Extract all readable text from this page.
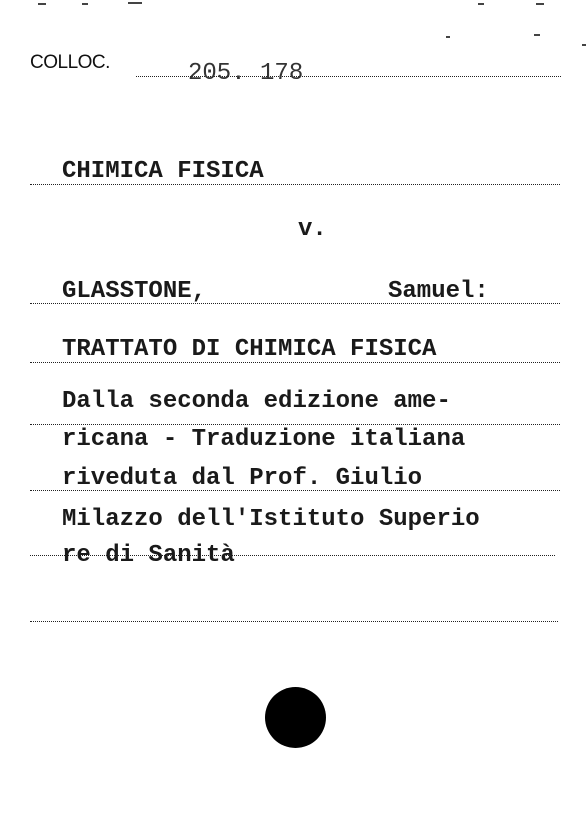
COLLOC.	205. 178
CHIMICA FISICA
v.
GLASSTONE,	Samuel:
TRATTATO DI CHIMICA FISICA
Dalla seconda edizione ame-
ricana - Traduzione italiana
riveduta dal Prof. Giulio
Milazzo dell'Istituto Superio
re di Sanità
